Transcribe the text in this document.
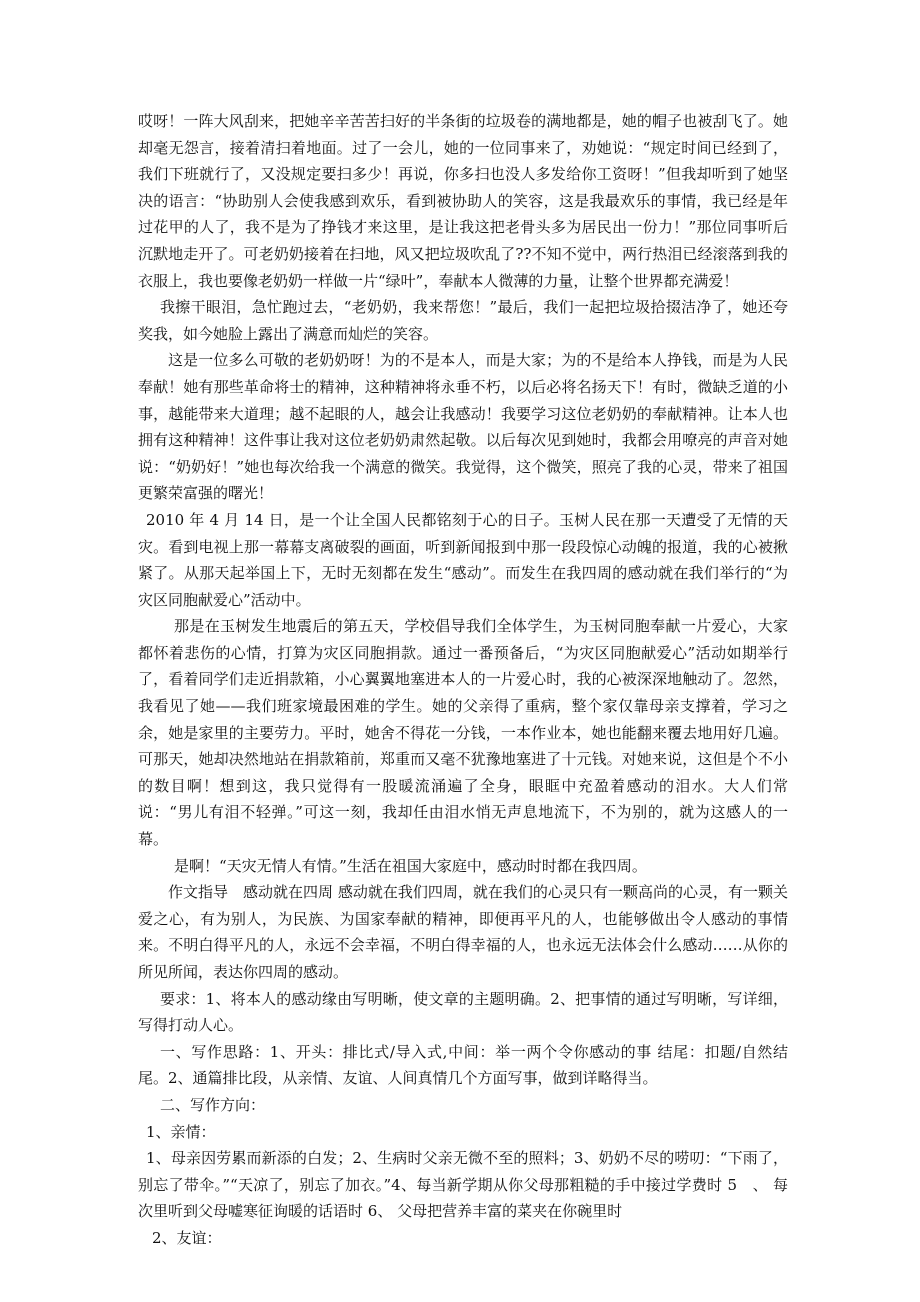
哎呀！一阵大风刮来，把她辛辛苦苦扫好的半条街的垃圾卷的满地都是，她的帽子也被刮飞了。她却毫无怨言，接着清扫着地面。过了一会儿，她的一位同事来了，劝她说：“规定时间已经到了，我们下班就行了，又没规定要扫多少！再说，你多扫也没人多发给你工资呀！”但我却听到了她坚决的语言：“协助别人会使我感到欢乐，看到被协助人的笑容，这是我最欢乐的事情，我已经是年过花甲的人了，我不是为了挣钱才来这里，是让我这把老骨头多为居民出一份力！”那位同事听后沉默地走开了。可老奶奶接着在扫地，风又把垃圾吹乱了??不知不觉中，两行热泪已经滚落到我的衣服上，我也要像老奶奶一样做一片“绿叶”，奉献本人微薄的力量，让整个世界都充满爱！

我擦干眼泪，急忙跑过去，“老奶奶，我来帮您！”最后，我们一起把垃圾拾掇洁净了，她还夸奖我，如今她脸上露出了满意而灿烂的笑容。

这是一位多么可敬的老奶奶呀！为的不是本人，而是大家；为的不是给本人挣钱，而是为人民奉献！她有那些革命将士的精神，这种精神将永垂不朽，以后必将名扬天下！有时，微缺乏道的小事，越能带来大道理；越不起眼的人，越会让我感动！我要学习这位老奶奶的奉献精神。让本人也拥有这种精神！这件事让我对这位老奶奶肃然起敬。以后每次见到她时，我都会用嘹亮的声音对她说：“奶奶好！”她也每次给我一个满意的微笑。我觉得，这个微笑，照亮了我的心灵，带来了祖国更繁荣富强的曙光！

2010 年 4 月 14 日，是一个让全国人民都铭刻于心的日子。玉树人民在那一天遭受了无情的天灾。看到电视上那一幕幕支离破裂的画面，听到新闻报到中那一段段惊心动魄的报道，我的心被揪紧了。从那天起举国上下，无时无刻都在发生“感动”。而发生在我四周的感动就在我们举行的“为灾区同胞献爱心”活动中。

那是在玉树发生地震后的第五天，学校倡导我们全体学生，为玉树同胞奉献一片爱心，大家都怀着悲伤的心情，打算为灾区同胞捐款。通过一番预备后，“为灾区同胞献爱心”活动如期举行了，看着同学们走近捐款箱，小心翼翼地塞进本人的一片爱心时，我的心被深深地触动了。忽然，我看见了她——我们班家境最困难的学生。她的父亲得了重病，整个家仅靠母亲支撑着，学习之余，她是家里的主要劳力。平时，她舍不得花一分钱，一本作业本，她也能翻来覆去地用好几遍。可那天，她却决然地站在捐款箱前，郑重而又毫不犹豫地塞进了十元钱。对她来说，这但是个不小的数目啊！想到这，我只觉得有一股暖流涌遍了全身，眼眶中充盈着感动的泪水。大人们常说：“男儿有泪不轻弹。”可这一刻，我却任由泪水悄无声息地流下，不为别的，就为这感人的一幕。

是啊！“天灾无情人有情。”生活在祖国大家庭中，感动时时都在我四周。

作文指导　感动就在四周 感动就在我们四周，就在我们的心灵只有一颗高尚的心灵，有一颗关爱之心，有为别人，为民族、为国家奉献的精神，即便再平凡的人，也能够做出令人感动的事情来。不明白得平凡的人，永远不会幸福，不明白得幸福的人，也永远无法体会什么感动……从你的所见所闻，表达你四周的感动。

要求：1、将本人的感动缘由写明晰，使文章的主题明确。2、把事情的通过写明晰，写详细，写得打动人心。

一、写作思路：1、开头：排比式/导入式,中间：举一两个令你感动的事 结尾：扣题/自然结尾。2、通篇排比段，从亲情、友谊、人间真情几个方面写事，做到详略得当。

二、写作方向：

1、亲情：

1、母亲因劳累而新添的白发；2、生病时父亲无微不至的照料；3、奶奶不尽的唠叨：“下雨了，别忘了带伞。”“天凉了，别忘了加衣。”4、每当新学期从你父母那粗糙的手中接过学费时 5　、 每次里听到父母嘘寒征询暖的话语时 6、 父母把营养丰富的菜夹在你碗里时

2、友谊：
